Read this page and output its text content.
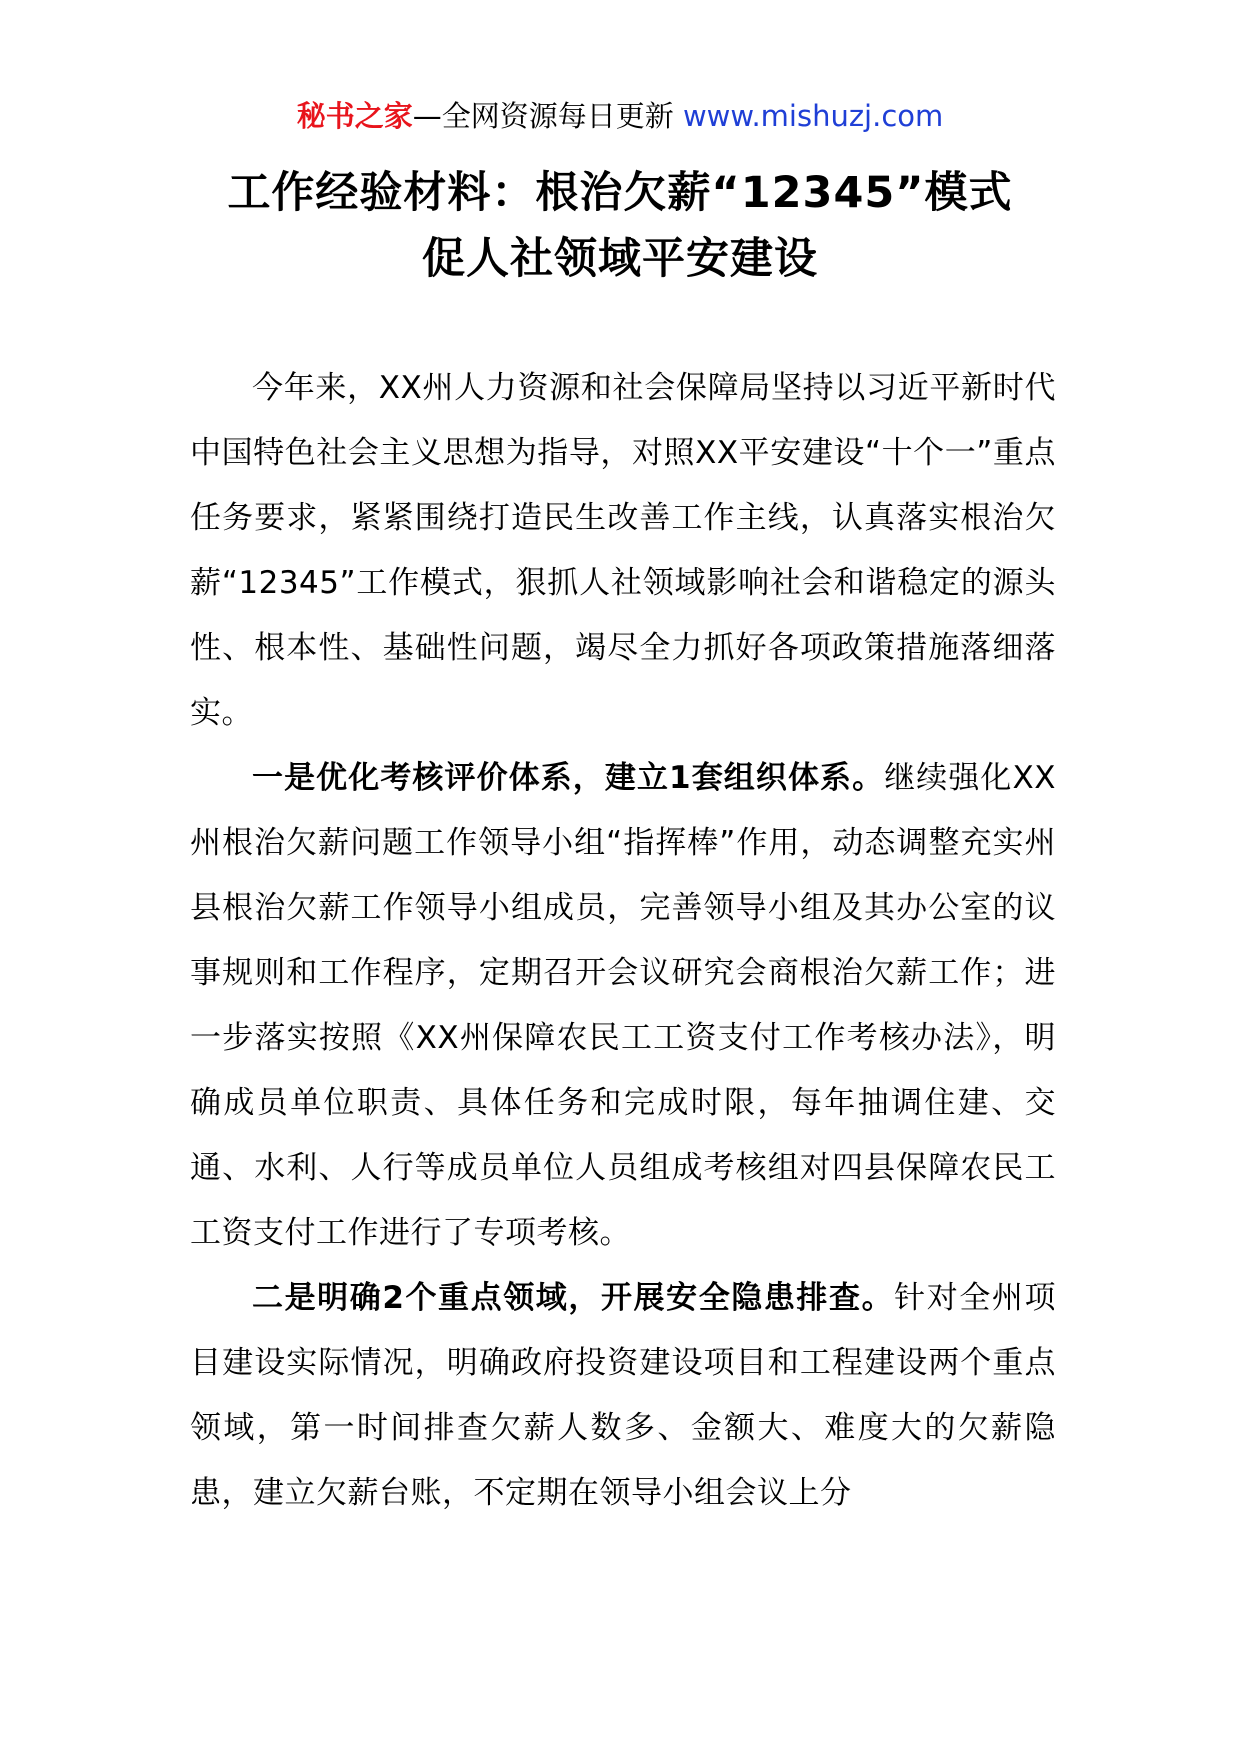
秘书之家—全网资源每日更新 www.mishuzj.com
工作经验材料：根治欠薪“12345”模式
促人社领域平安建设

今年来，XX州人力资源和社会保障局坚持以习近平新时代中国特色社会主义思想为指导，对照XX平安建设“十个一”重点任务要求，紧紧围绕打造民生改善工作主线，认真落实根治欠薪“12345”工作模式，狠抓人社领域影响社会和谐稳定的源头性、根本性、基础性问题，竭尽全力抓好各项政策措施落细落实。

一是优化考核评价体系，建立1套组织体系。继续强化XX州根治欠薪问题工作领导小组“指挥棒”作用，动态调整充实州县根治欠薪工作领导小组成员，完善领导小组及其办公室的议事规则和工作程序，定期召开会议研究会商根治欠薪工作；进一步落实按照《XX州保障农民工工资支付工作考核办法》，明确成员单位职责、具体任务和完成时限，每年抽调住建、交通、水利、人行等成员单位人员组成考核组对四县保障农民工工资支付工作进行了专项考核。

二是明确2个重点领域，开展安全隐患排查。针对全州项目建设实际情况，明确政府投资建设项目和工程建设两个重点领域，第一时间排查欠薪人数多、金额大、难度大的欠薪隐患，建立欠薪台账，不定期在领导小组会议上分
